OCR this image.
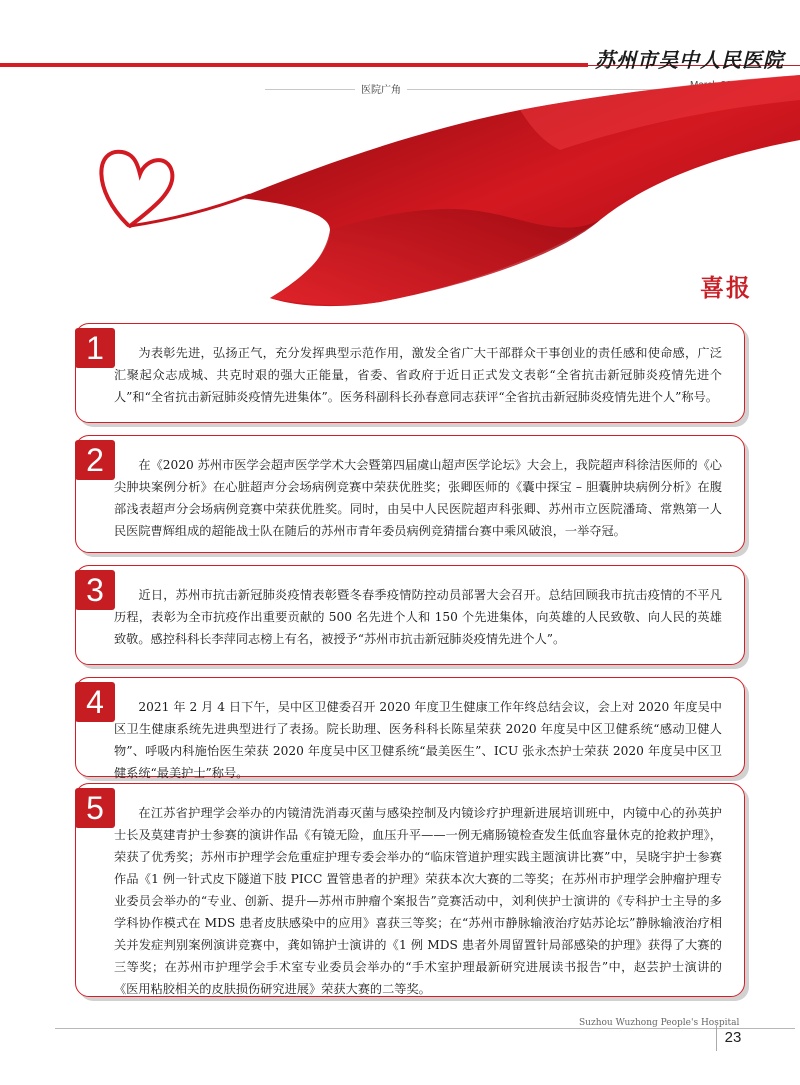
苏州市吴中人民医院
医院广角
喜报
1	为表彰先进，弘扬正气，充分发挥典型示范作用，激发全省广大干部群众干事创业的责任感和使命感，广泛汇聚起众志成城、共克时艰的强大正能量，省委、省政府于近日正式发文表彰“全省抗击新冠肺炎疫情先进个人”和“全省抗击新冠肺炎疫情先进集体”。医务科副科长孙春意同志获评“全省抗击新冠肺炎疫情先进个人”称号。

2	在《2020 苏州市医学会超声医学学术大会暨第四届虞山超声医学论坛》大会上，我院超声科徐洁医师的《心尖肿块案例分析》在心脏超声分会场病例竞赛中荣获优胜奖；张卿医师的《囊中探宝 – 胆囊肿块病例分析》在腹部浅表超声分会场病例竞赛中荣获优胜奖。同时，由吴中人民医院超声科张卿、苏州市立医院潘琦、常熟第一人民医院曹辉组成的超能战士队在随后的苏州市青年委员病例竞猜擂台赛中乘风破浪，一举夺冠。

3	近日，苏州市抗击新冠肺炎疫情表彰暨冬春季疫情防控动员部署大会召开。总结回顾我市抗击疫情的不平凡历程，表彰为全市抗疫作出重要贡献的 500 名先进个人和 150 个先进集体，向英雄的人民致敬、向人民的英雄致敬。感控科科长李萍同志榜上有名，被授予“苏州市抗击新冠肺炎疫情先进个人”。

4	2021 年 2 月 4 日下午，吴中区卫健委召开 2020 年度卫生健康工作年终总结会议，会上对 2020 年度吴中区卫生健康系统先进典型进行了表扬。院长助理、医务科科长陈星荣获 2020 年度吴中区卫健系统“感动卫健人物”、呼吸内科施怡医生荣获 2020 年度吴中区卫健系统“最美医生”、ICU 张永杰护士荣获 2020 年度吴中区卫健系统“最美护士”称号。

5	在江苏省护理学会举办的内镜清洗消毒灭菌与感染控制及内镜诊疗护理新进展培训班中，内镜中心的孙英护士长及莫建青护士参赛的演讲作品《有镜无险，血压升平——一例无痛肠镜检查发生低血容量休克的抢救护理》，荣获了优秀奖；苏州市护理学会危重症护理专委会举办的“临床管道护理实践主题演讲比赛”中，吴晓宇护士参赛作品《1 例一针式皮下隧道下肢 PICC 置管患者的护理》荣获本次大赛的二等奖；在苏州市护理学会肿瘤护理专业委员会举办的“专业、创新、提升—苏州市肿瘤个案报告”竞赛活动中，刘利侠护士演讲的《专科护士主导的多学科协作模式在 MDS 患者皮肤感染中的应用》喜获三等奖；在“苏州市静脉输液治疗姑苏论坛”静脉输液治疗相关并发症判别案例演讲竞赛中，龚如锦护士演讲的《1 例 MDS 患者外周留置针局部感染的护理》获得了大赛的三等奖；在苏州市护理学会手术室专业委员会举办的“手术室护理最新研究进展读书报告”中，赵芸护士演讲的《医用粘胶相关的皮肤损伤研究进展》荣获大赛的二等奖。

Suzhou Wuzhong People's Hospital
23
